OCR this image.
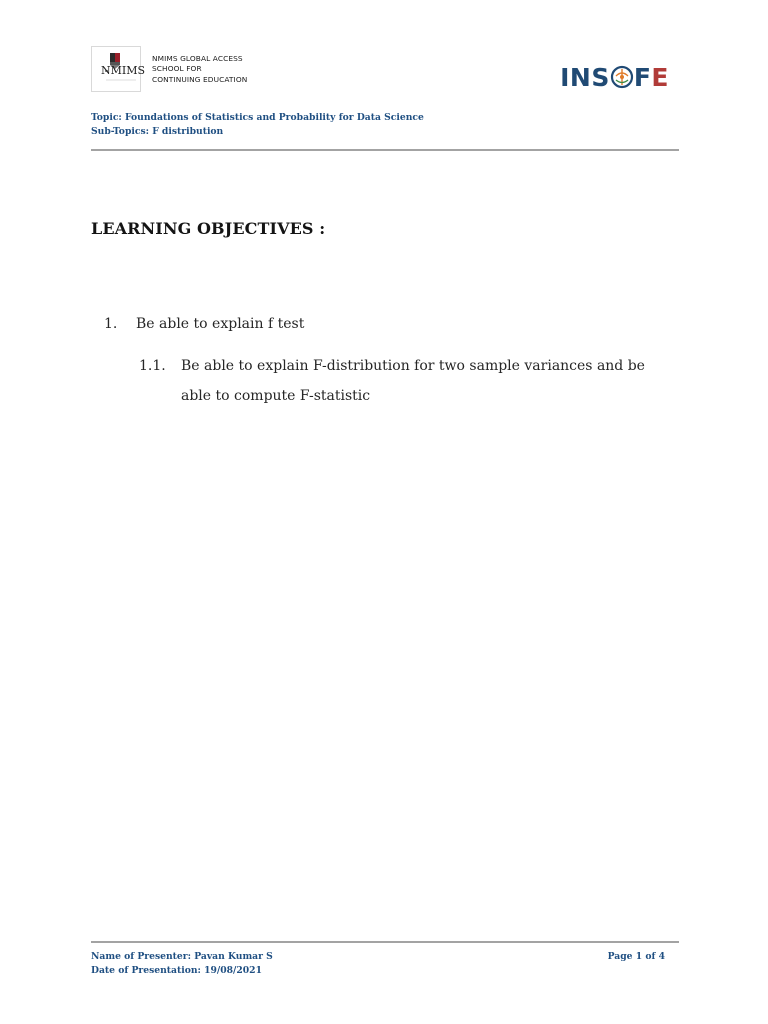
NMIMS
NMIMS GLOBAL ACCESS
SCHOOL FOR
CONTINUING EDUCATION	INS F E
Topic: Foundations of Statistics and Probability for Data Science
Sub-Topics: F distribution
LEARNING OBJECTIVES :
1. Be able to explain f test
1.1. Be able to explain F-distribution for two sample variances and be able to compute F-statistic
Name of Presenter: Pavan Kumar S
Date of Presentation: 19/08/2021
Page 1 of 4
